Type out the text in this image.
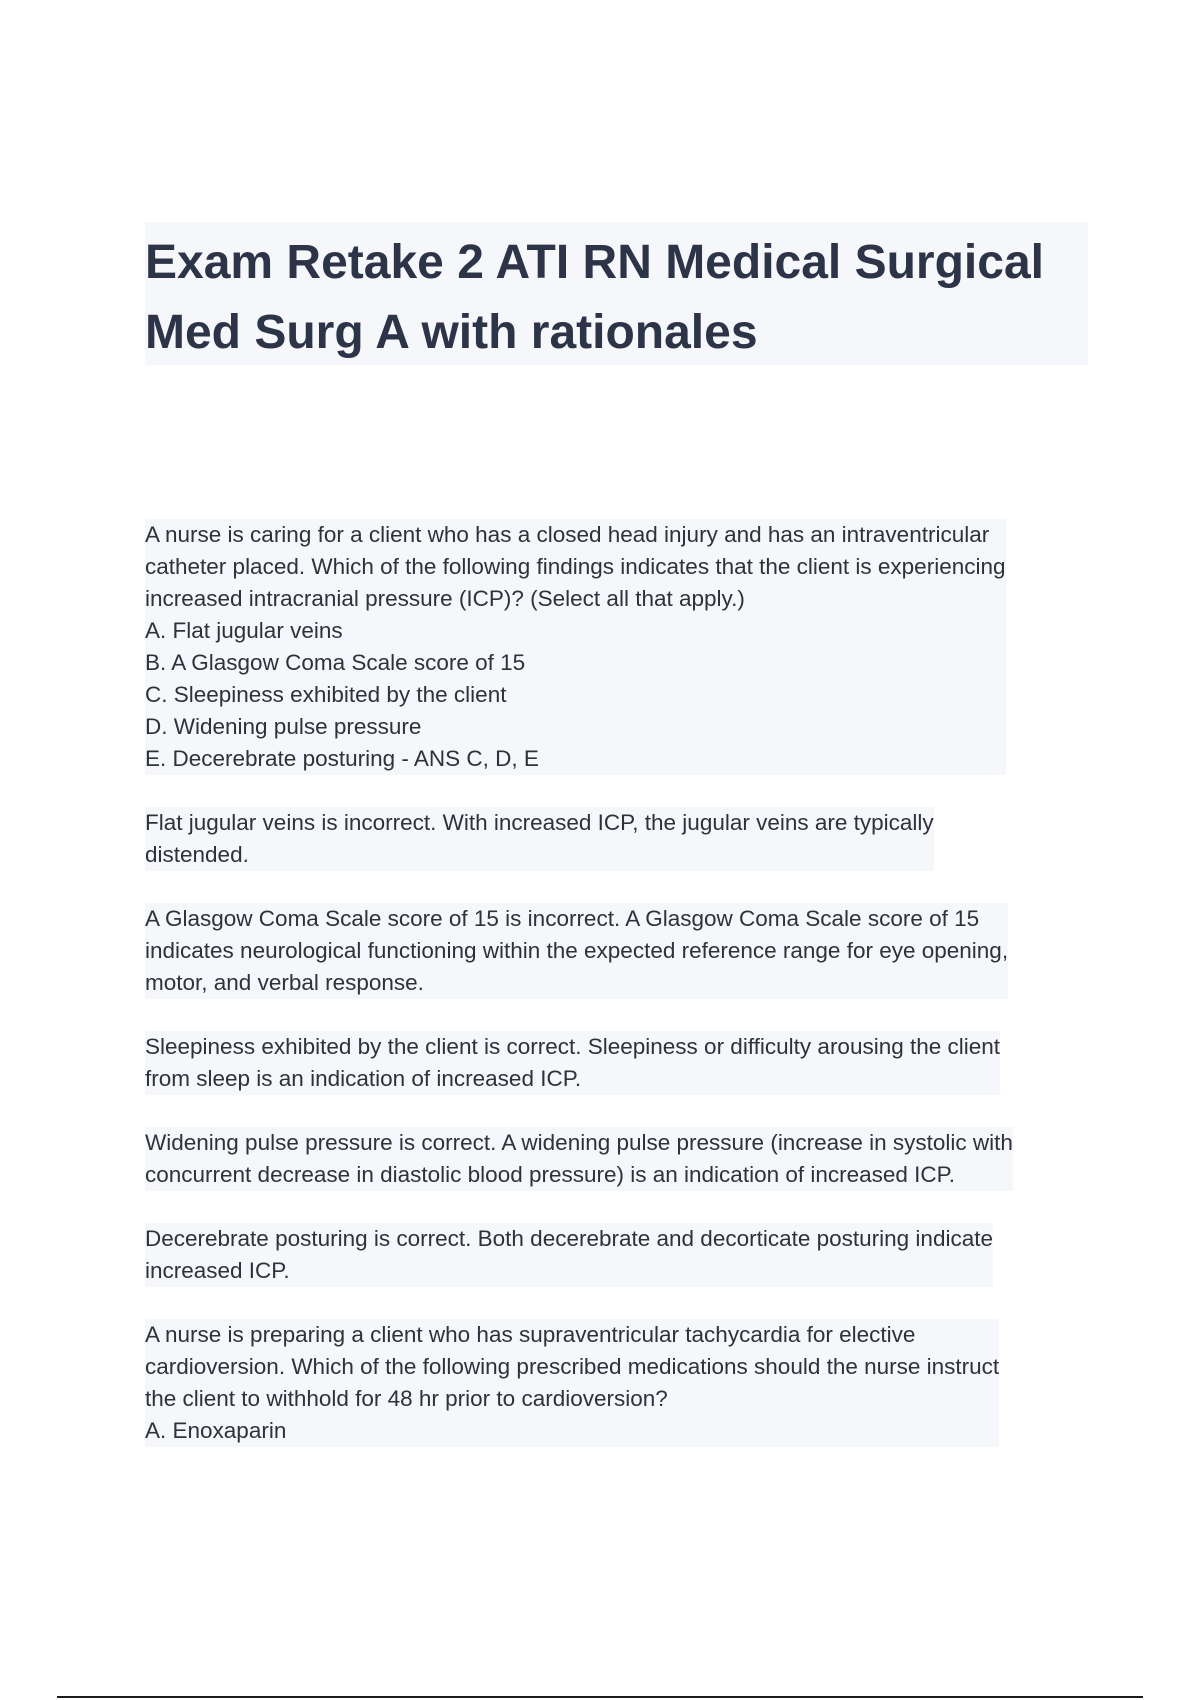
Exam Retake 2 ATI RN Medical Surgical
Med Surg A with rationales
A nurse is caring for a client who has a closed head injury and has an intraventricular
catheter placed. Which of the following findings indicates that the client is experiencing
increased intracranial pressure (ICP)? (Select all that apply.)
A. Flat jugular veins
B. A Glasgow Coma Scale score of 15
C. Sleepiness exhibited by the client
D. Widening pulse pressure
E. Decerebrate posturing - ANS C, D, E
Flat jugular veins is incorrect. With increased ICP, the jugular veins are typically
distended.
A Glasgow Coma Scale score of 15 is incorrect. A Glasgow Coma Scale score of 15
indicates neurological functioning within the expected reference range for eye opening,
motor, and verbal response.
Sleepiness exhibited by the client is correct. Sleepiness or difficulty arousing the client
from sleep is an indication of increased ICP.
Widening pulse pressure is correct. A widening pulse pressure (increase in systolic with
concurrent decrease in diastolic blood pressure) is an indication of increased ICP.
Decerebrate posturing is correct. Both decerebrate and decorticate posturing indicate
increased ICP.
A nurse is preparing a client who has supraventricular tachycardia for elective
cardioversion. Which of the following prescribed medications should the nurse instruct
the client to withhold for 48 hr prior to cardioversion?
A. Enoxaparin
